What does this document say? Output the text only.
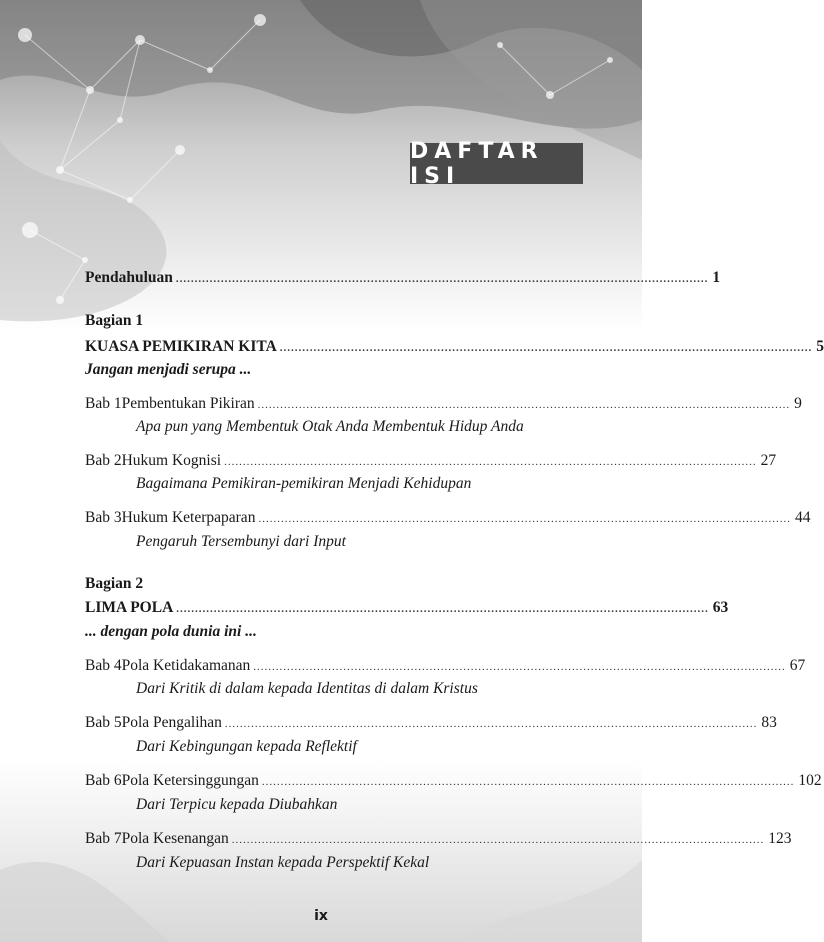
DAFTAR ISI
Pendahuluan .............................................................................................................................................. 1
Bagian 1
KUASA PEMIKIRAN KITA .............................................................................................................................................. 5
Jangan menjadi serupa ...
Bab 1 Pembentukan Pikiran .............................................................................................................................................. 9
Apa pun yang Membentuk Otak Anda Membentuk Hidup Anda
Bab 2 Hukum Kognisi .............................................................................................................................................. 27
Bagaimana Pemikiran-pemikiran Menjadi Kehidupan
Bab 3 Hukum Keterpaparan .............................................................................................................................................. 44
Pengaruh Tersembunyi dari Input
Bagian 2
LIMA POLA .............................................................................................................................................. 63
... dengan pola dunia ini ...
Bab 4 Pola Ketidakamanan .............................................................................................................................................. 67
Dari Kritik di dalam kepada Identitas di dalam Kristus
Bab 5 Pola Pengalihan .............................................................................................................................................. 83
Dari Kebingungan kepada Reflektif
Bab 6 Pola Ketersinggungan .............................................................................................................................................. 102
Dari Terpicu kepada Diubahkan
Bab 7 Pola Kesenangan .............................................................................................................................................. 123
Dari Kepuasan Instan kepada Perspektif Kekal
ix
